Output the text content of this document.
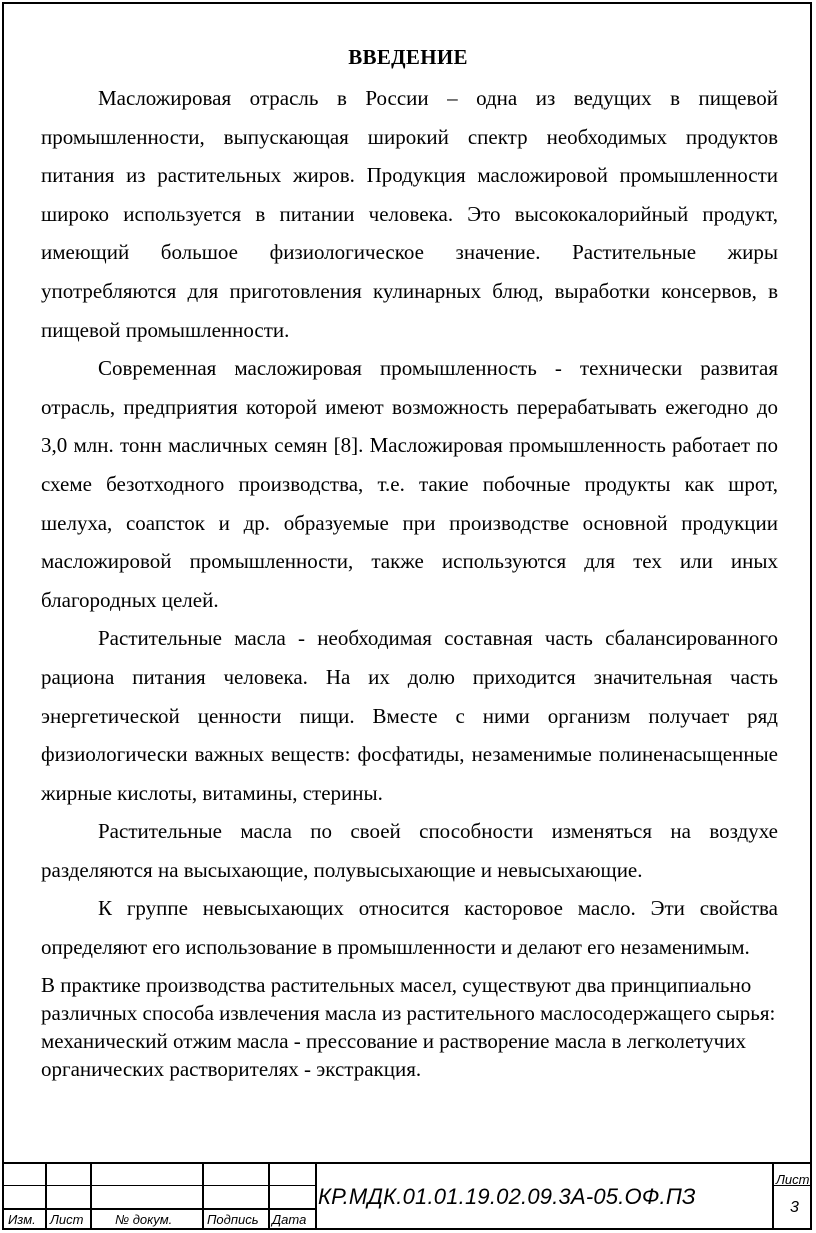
ВВЕДЕНИЕ

Масложировая отрасль в России – одна из ведущих в пищевой промышленности, выпускающая широкий спектр необходимых продуктов питания из растительных жиров. Продукция масложировой промышленности широко используется в питании человека. Это высококалорийный продукт, имеющий большое физиологическое значение. Растительные жиры употребляются для приготовления кулинарных блюд, выработки консервов, в пищевой промышленности.

Современная масложировая промышленность - технически развитая отрасль, предприятия которой имеют возможность перерабатывать ежегодно до 3,0 млн. тонн масличных семян [8]. Масложировая промышленность работает по схеме безотходного производства, т.е. такие побочные продукты как шрот, шелуха, соапсток и др. образуемые при производстве основной продукции масложировой промышленности, также используются для тех или иных благородных целей.

Растительные масла - необходимая составная часть сбалансированного рациона питания человека. На их долю приходится значительная часть энергетической ценности пищи. Вместе с ними организм получает ряд физиологически важных веществ: фосфатиды, незаменимые полиненасыщенные жирные кислоты, витамины, стерины.

Растительные масла по своей способности изменяться на воздухе разделяются на высыхающие, полувысыхающие и невысыхающие.

К группе невысыхающих относится касторовое масло. Эти свойства определяют его использование в промышленности и делают его незаменимым.

В практике производства растительных масел, существуют два принципиально различных способа извлечения масла из растительного маслосодержащего сырья: механический отжим масла - прессование и растворение масла в легколетучих органических растворителях - экстракция.

Изм. Лист № докум.	Подпись Дата
КР.МДК.01.01.19.02.09.3А-05.ОФ.ПЗ
Лист
3
